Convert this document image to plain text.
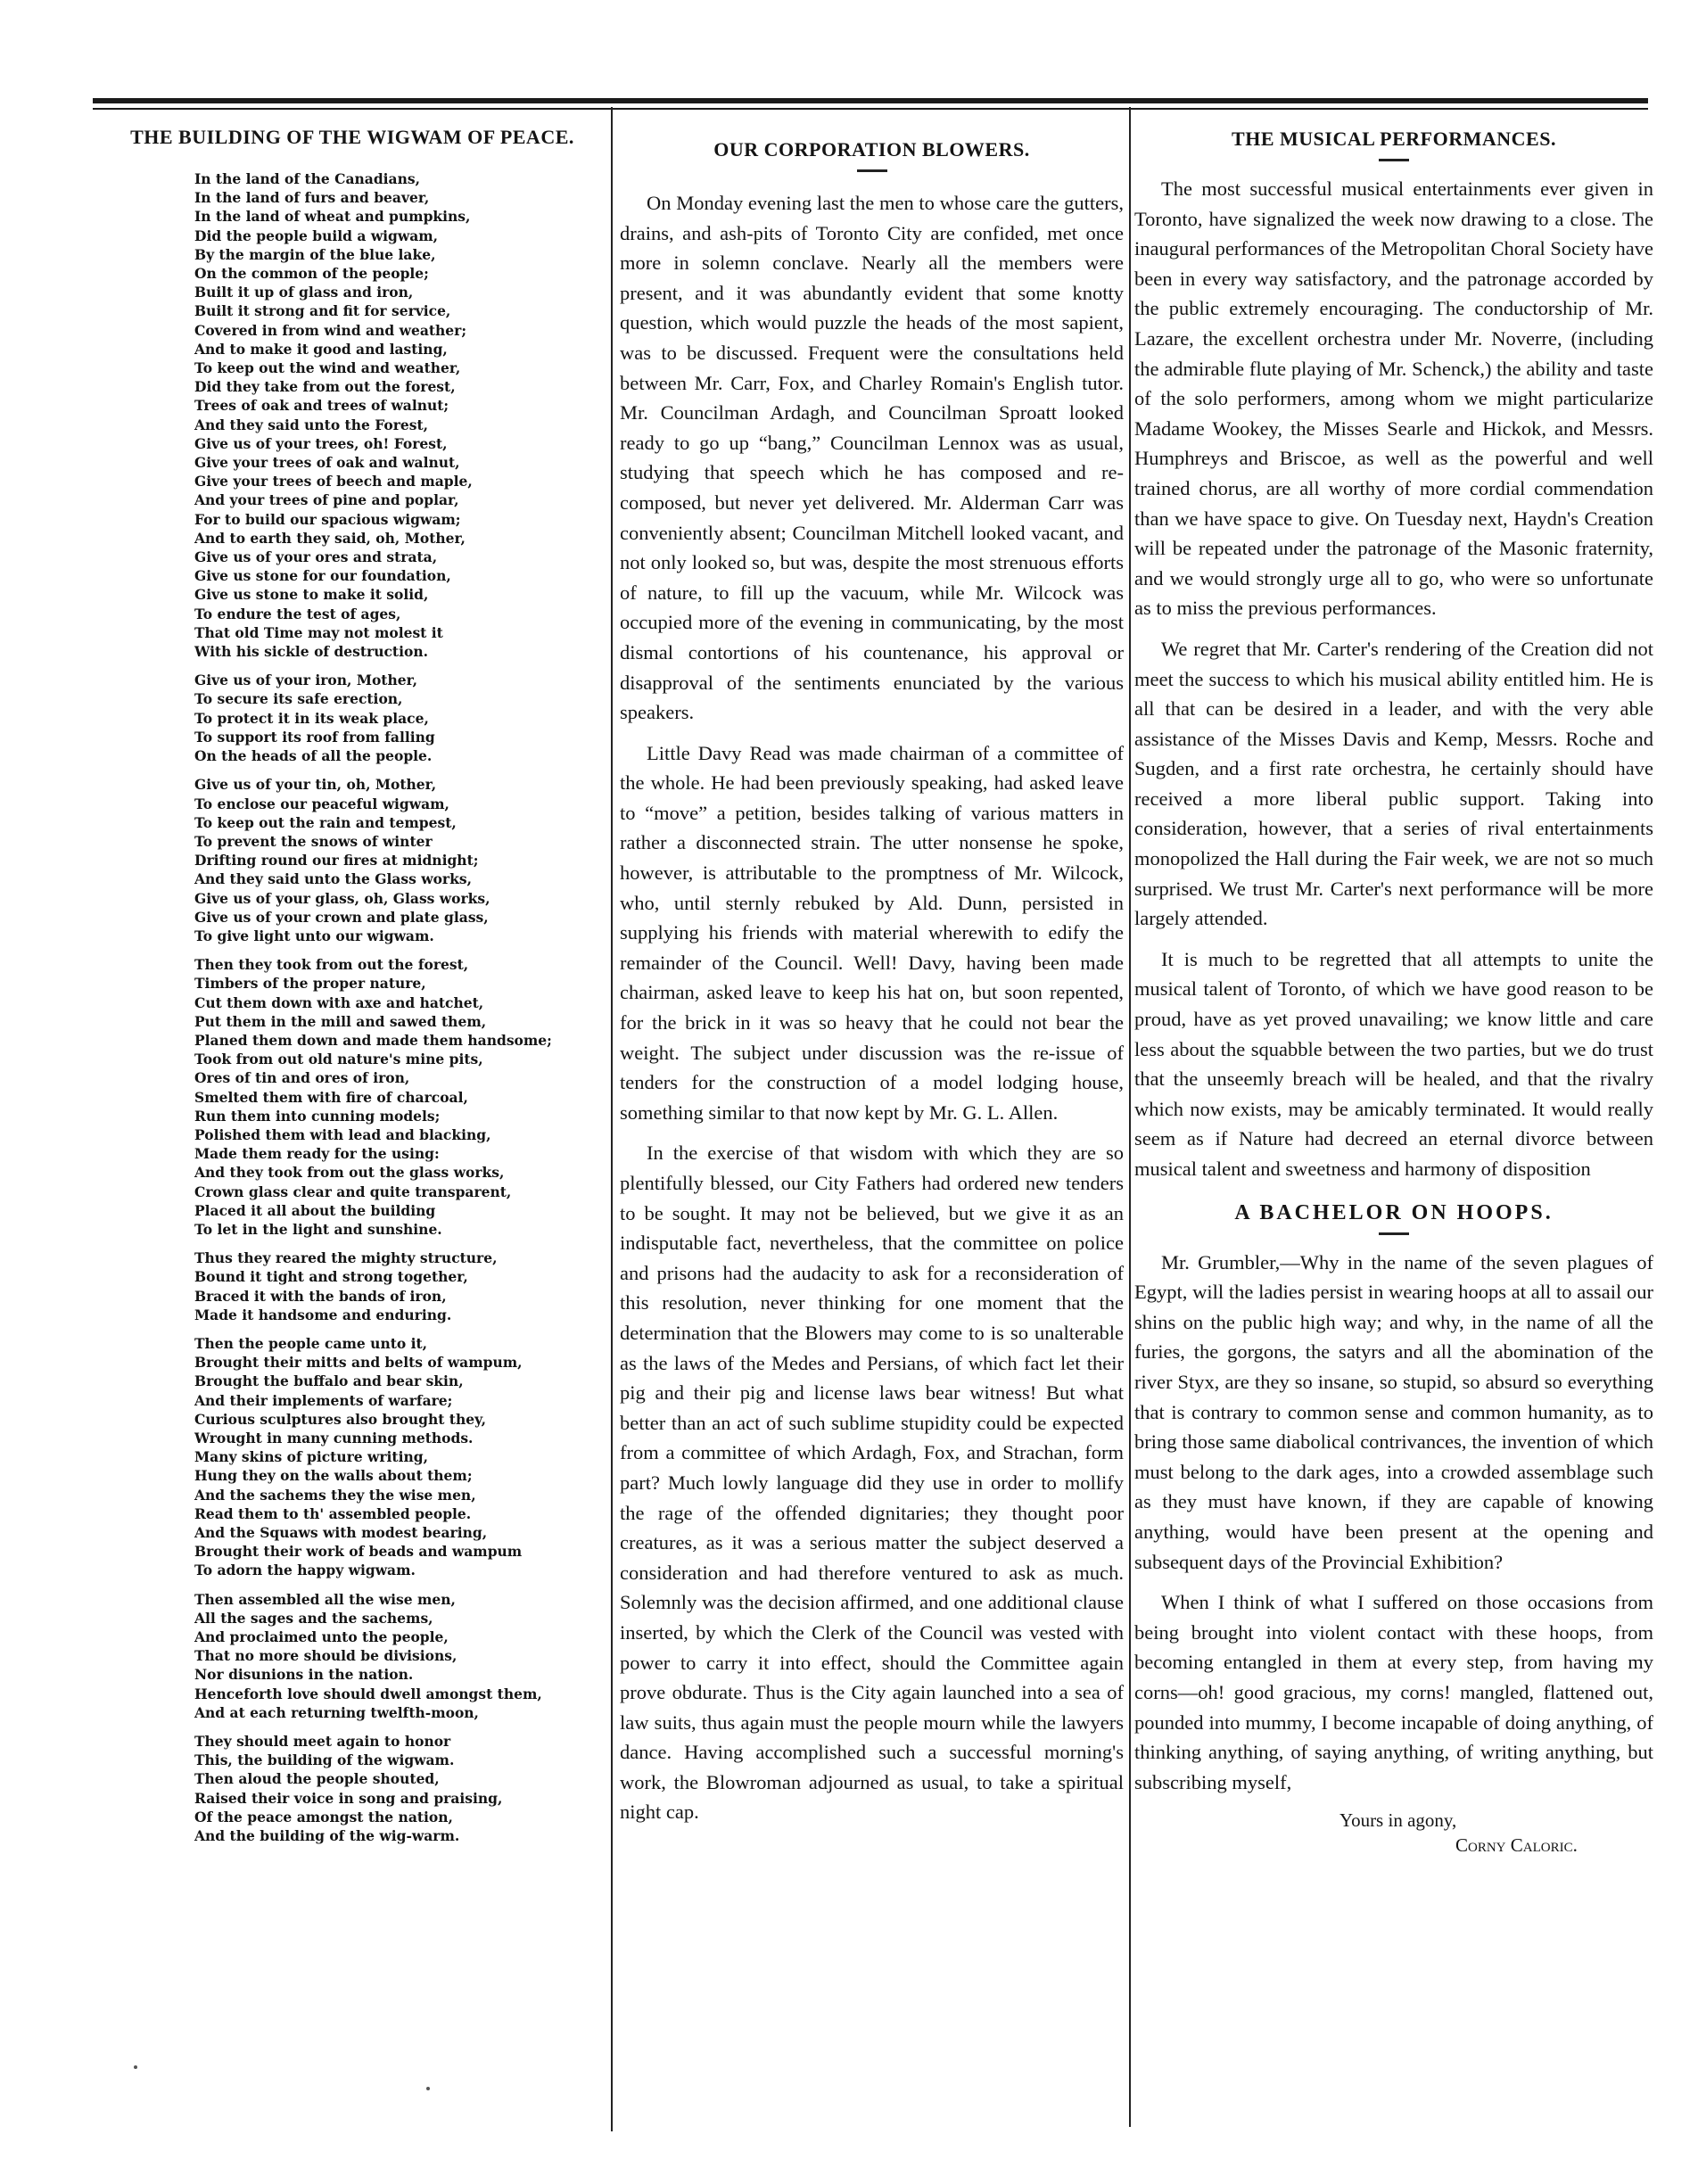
THE BUILDING OF THE WIGWAM OF PEACE.
In the land of the Canadians,
In the land of furs and beaver,
In the land of wheat and pumpkins,
Did the people build a wigwam,
By the margin of the blue lake,
On the common of the people;
Built it up of glass and iron,
Built it strong and fit for service,
Covered in from wind and weather;
And to make it good and lasting,
To keep out the wind and weather,
Did they take from out the forest,
Trees of oak and trees of walnut;
And they said unto the Forest,
Give us of your trees, oh! Forest,
Give your trees of oak and walnut,
Give your trees of beech and maple,
And your trees of pine and poplar,
For to build our spacious wigwam;
And to earth they said, oh, Mother,
Give us of your ores and strata,
Give us stone for our foundation,
Give us stone to make it solid,
To endure the test of ages,
That old Time may not molest it
With his sickle of destruction.
Give us of your iron, Mother,
To secure its safe erection,
To protect it in its weak place,
To support its roof from falling
On the heads of all the people.
Give us of your tin, oh, Mother,
To enclose our peaceful wigwam,
To keep out the rain and tempest,
To prevent the snows of winter
Drifting round our fires at midnight;
And they said unto the Glass works,
Give us of your glass, oh, Glass works,
Give us of your crown and plate glass,
To give light unto our wigwam.
Then they took from out the forest,
Timbers of the proper nature,
Cut them down with axe and hatchet,
Put them in the mill and sawed them,
Planed them down and made them handsome;
Took from out old nature's mine pits,
Ores of tin and ores of iron,
Smelted them with fire of charcoal,
Run them into cunning models;
Polished them with lead and blacking,
Made them ready for the using:
And they took from out the glass works,
Crown glass clear and quite transparent,
Placed it all about the building
To let in the light and sunshine.
Thus they reared the mighty structure,
Bound it tight and strong together,
Braced it with the bands of iron,
Made it handsome and enduring.
Then the people came unto it,
Brought their mitts and belts of wampum,
Brought the buffalo and bear skin,
And their implements of warfare;
Curious sculptures also brought they,
Wrought in many cunning methods.
Many skins of picture writing,
Hung they on the walls about them;
And the sachems they the wise men,
Read them to th' assembled people.
And the Squaws with modest bearing,
Brought their work of beads and wampum
To adorn the happy wigwam.
Then assembled all the wise men,
All the sages and the sachems,
And proclaimed unto the people,
That no more should be divisions,
Nor disunions in the nation.
Henceforth love should dwell amongst them,
And at each returning twelfth-moon,
They should meet again to honor
This, the building of the wigwam.
Then aloud the people shouted,
Raised their voice in song and praising,
Of the peace amongst the nation,
And the building of the wig-warm.
OUR CORPORATION BLOWERS.

On Monday evening last the men to whose care the gutters, drains, and ash-pits of Toronto City are confided, met once more in solemn conclave. Nearly all the members were present, and it was abundantly evident that some knotty question, which would puzzle the heads of the most sapient, was to be discussed. Frequent were the consultations held between Mr. Carr, Fox, and Charley Romain's English tutor. Mr. Councilman Ardagh, and Councilman Sproatt looked ready to go up “bang,” Councilman Lennox was as usual, studying that speech which he has composed and re-composed, but never yet delivered. Mr. Alderman Carr was conveniently absent; Councilman Mitchell looked vacant, and not only looked so, but was, despite the most strenuous efforts of nature, to fill up the vacuum, while Mr. Wilcock was occupied more of the evening in communicating, by the most dismal contortions of his countenance, his approval or disapproval of the sentiments enunciated by the various speakers.

Little Davy Read was made chairman of a committee of the whole. He had been previously speaking, had asked leave to “move” a petition, besides talking of various matters in rather a disconnected strain. The utter nonsense he spoke, however, is attributable to the promptness of Mr. Wilcock, who, until sternly rebuked by Ald. Dunn, persisted in supplying his friends with material wherewith to edify the remainder of the Council. Well! Davy, having been made chairman, asked leave to keep his hat on, but soon repented, for the brick in it was so heavy that he could not bear the weight. The subject under discussion was the re-issue of tenders for the construction of a model lodging house, something similar to that now kept by Mr. G. L. Allen.

In the exercise of that wisdom with which they are so plentifully blessed, our City Fathers had ordered new tenders to be sought. It may not be believed, but we give it as an indisputable fact, nevertheless, that the committee on police and prisons had the audacity to ask for a reconsideration of this resolution, never thinking for one moment that the determination that the Blowers may come to is so unalterable as the laws of the Medes and Persians, of which fact let their pig and their pig and license laws bear witness! But what better than an act of such sublime stupidity could be expected from a committee of which Ardagh, Fox, and Strachan, form part? Much lowly language did they use in order to mollify the rage of the offended dignitaries; they thought poor creatures, as it was a serious matter the subject deserved a consideration and had therefore ventured to ask as much. Solemnly was the decision affirmed, and one additional clause inserted, by which the Clerk of the Council was vested with power to carry it into effect, should the Committee again prove obdurate. Thus is the City again launched into a sea of law suits, thus again must the people mourn while the lawyers dance. Having accomplished such a successful morning's work, the Blowroman adjourned as usual, to take a spiritual night cap.

THE MUSICAL PERFORMANCES.

The most successful musical entertainments ever given in Toronto, have signalized the week now drawing to a close. The inaugural performances of the Metropolitan Choral Society have been in every way satisfactory, and the patronage accorded by the public extremely encouraging. The conductorship of Mr. Lazare, the excellent orchestra under Mr. Noverre, (including the admirable flute playing of Mr. Schenck,) the ability and taste of the solo performers, among whom we might particularize Madame Wookey, the Misses Searle and Hickok, and Messrs. Humphreys and Briscoe, as well as the powerful and well trained chorus, are all worthy of more cordial commendation than we have space to give. On Tuesday next, Haydn's Creation will be repeated under the patronage of the Masonic fraternity, and we would strongly urge all to go, who were so unfortunate as to miss the previous performances.

We regret that Mr. Carter's rendering of the Creation did not meet the success to which his musical ability entitled him. He is all that can be desired in a leader, and with the very able assistance of the Misses Davis and Kemp, Messrs. Roche and Sugden, and a first rate orchestra, he certainly should have received a more liberal public support. Taking into consideration, however, that a series of rival entertainments monopolized the Hall during the Fair week, we are not so much surprised. We trust Mr. Carter's next performance will be more largely attended.

It is much to be regretted that all attempts to unite the musical talent of Toronto, of which we have good reason to be proud, have as yet proved unavailing; we know little and care less about the squabble between the two parties, but we do trust that the unseemly breach will be healed, and that the rivalry which now exists, may be amicably terminated. It would really seem as if Nature had decreed an eternal divorce between musical talent and sweetness and harmony of disposition

A BACHELOR ON HOOPS.

Mr. Grumbler,—Why in the name of the seven plagues of Egypt, will the ladies persist in wearing hoops at all to assail our shins on the public high way; and why, in the name of all the furies, the gorgons, the satyrs and all the abomination of the river Styx, are they so insane, so stupid, so absurd so everything that is contrary to common sense and common humanity, as to bring those same diabolical contrivances, the invention of which must belong to the dark ages, into a crowded assemblage such as they must have known, if they are capable of knowing anything, would have been present at the opening and subsequent days of the Provincial Exhibition?

When I think of what I suffered on those occasions from being brought into violent contact with these hoops, from becoming entangled in them at every step, from having my corns—oh! good gracious, my corns! mangled, flattened out, pounded into mummy, I become incapable of doing anything, of thinking anything, of saying anything, of writing anything, but subscribing myself,

Yours in agony,
Corny Caloric.
